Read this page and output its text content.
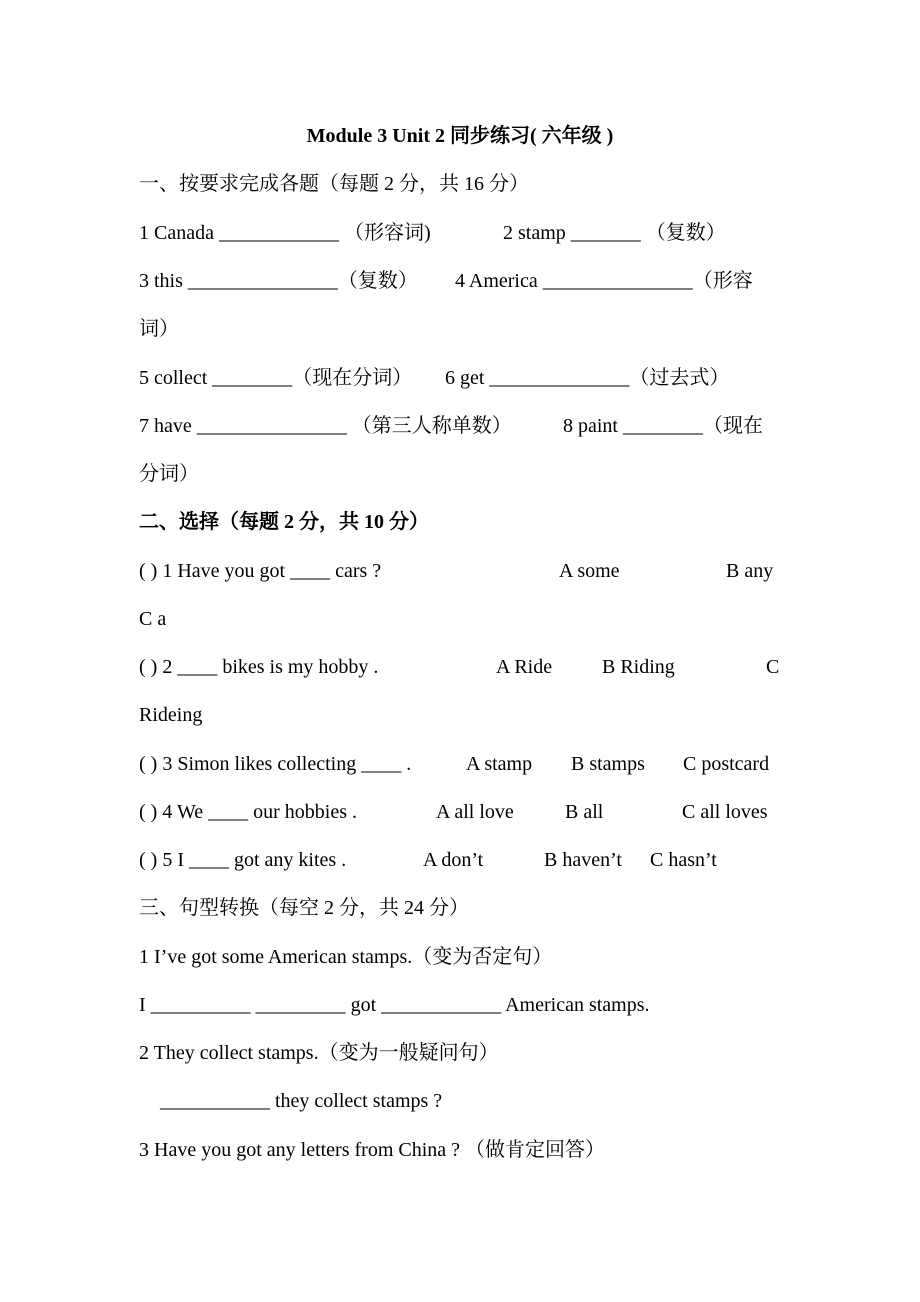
Module 3 Unit 2 同步练习( 六年级 )
一、按要求完成各题（每题 2 分，共 16 分）
1 Canada ____________ （形容词)	2 stamp _______ （复数）
3 this _______________（复数） 4 America _______________（形容
词）
5 collect ________（现在分词） 6 get ______________（过去式）
7 have _______________ （第三人称单数）	8 paint ________（现在
分词）
二、选择（每题 2 分，共 10 分）
( ) 1 Have you got ____ cars ?	A some	B any
C a
( ) 2 ____ bikes is my hobby .	A Ride B Riding	C
Rideing
( ) 3 Simon likes collecting ____ .	A stamp B stamps C postcard
( ) 4 We ____ our hobbies .	A all love	B all	C all loves
( ) 5 I ____ got any kites .	A don’t	B haven’t C hasn’t
三、句型转换（每空 2 分，共 24 分）
1 I’ve got some American stamps.（变为否定句）
I __________ _________ got ____________ American stamps.
2 They collect stamps.（变为一般疑问句）
___________ they collect stamps ?
3 Have you got any letters from China ? （做肯定回答）
